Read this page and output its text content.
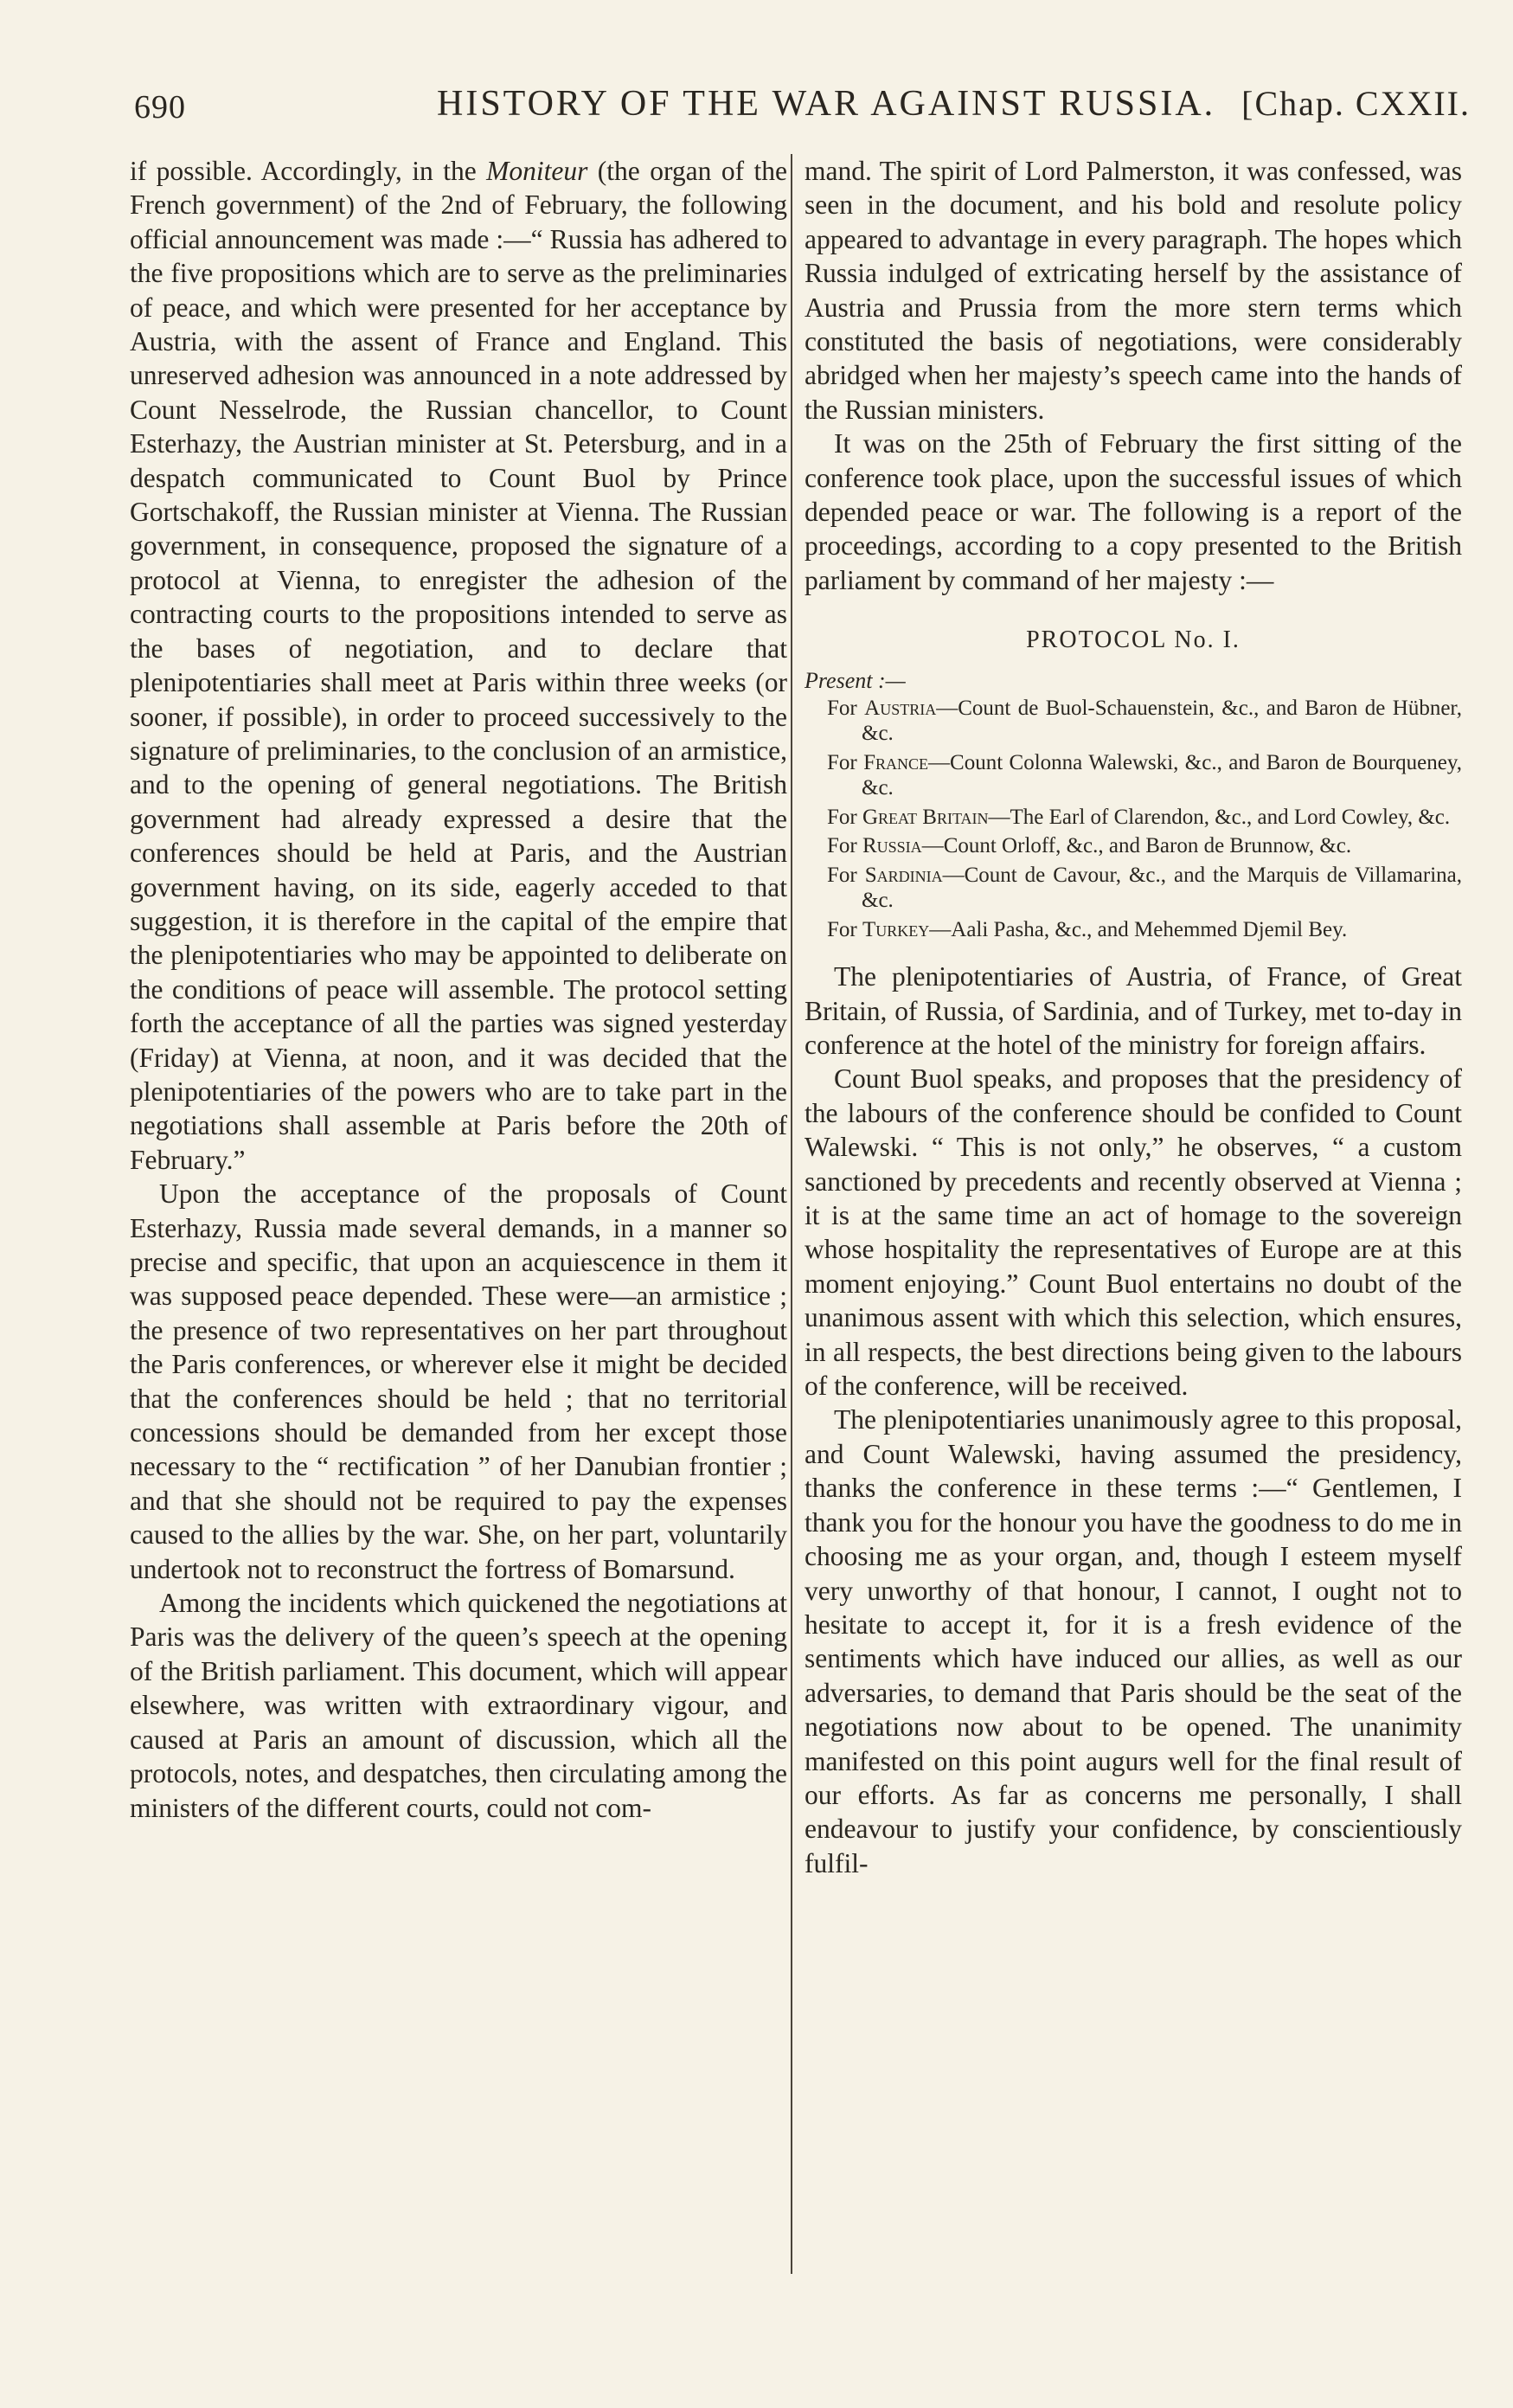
690	HISTORY OF THE WAR AGAINST RUSSIA. [Chap. CXXII.

if possible. Accordingly, in the Moniteur (the organ of the French government) of the 2nd of February, the following official announcement was made :—“ Russia has adhered to the five propositions which are to serve as the preliminaries of peace, and which were presented for her acceptance by Austria, with the assent of France and England. This unreserved adhesion was announced in a note addressed by Count Nesselrode, the Russian chancellor, to Count Esterhazy, the Austrian minister at St. Petersburg, and in a despatch communicated to Count Buol by Prince Gortschakoff, the Russian minister at Vienna. The Russian government, in consequence, proposed the signature of a protocol at Vienna, to enregister the adhesion of the contracting courts to the propositions intended to serve as the bases of negotiation, and to declare that plenipotentiaries shall meet at Paris within three weeks (or sooner, if possible), in order to proceed successively to the signature of preliminaries, to the conclusion of an armistice, and to the opening of general negotiations. The British government had already expressed a desire that the conferences should be held at Paris, and the Austrian government having, on its side, eagerly acceded to that suggestion, it is therefore in the capital of the empire that the plenipotentiaries who may be appointed to deliberate on the conditions of peace will assemble. The protocol setting forth the acceptance of all the parties was signed yesterday (Friday) at Vienna, at noon, and it was decided that the plenipotentiaries of the powers who are to take part in the negotiations shall assemble at Paris before the 20th of February.”

Upon the acceptance of the proposals of Count Esterhazy, Russia made several demands, in a manner so precise and specific, that upon an acquiescence in them it was supposed peace depended. These were—an armistice ; the presence of two representatives on her part throughout the Paris conferences, or wherever else it might be decided that the conferences should be held ; that no territorial concessions should be demanded from her except those necessary to the “ rectification ” of her Danubian frontier ; and that she should not be required to pay the expenses caused to the allies by the war. She, on her part, voluntarily undertook not to reconstruct the fortress of Bomarsund.

Among the incidents which quickened the negotiations at Paris was the delivery of the queen’s speech at the opening of the British parliament. This document, which will appear elsewhere, was written with extraordinary vigour, and caused at Paris an amount of discussion, which all the protocols, notes, and despatches, then circulating among the ministers of the different courts, could not com-

mand. The spirit of Lord Palmerston, it was confessed, was seen in the document, and his bold and resolute policy appeared to advantage in every paragraph. The hopes which Russia indulged of extricating herself by the assistance of Austria and Prussia from the more stern terms which constituted the basis of negotiations, were considerably abridged when her majesty’s speech came into the hands of the Russian ministers.

It was on the 25th of February the first sitting of the conference took place, upon the successful issues of which depended peace or war. The following is a report of the proceedings, according to a copy presented to the British parliament by command of her majesty :—

PROTOCOL No. I.
Present :—
For Austria—Count de Buol-Schauenstein, &c., and Baron de Hübner, &c.
For France—Count Colonna Walewski, &c., and Baron de Bourqueney, &c.
For Great Britain—The Earl of Clarendon, &c., and Lord Cowley, &c.
For Russia—Count Orloff, &c., and Baron de Brunnow, &c.
For Sardinia—Count de Cavour, &c., and the Marquis de Villamarina, &c.
For Turkey—Aali Pasha, &c., and Mehemmed Djemil Bey.

The plenipotentiaries of Austria, of France, of Great Britain, of Russia, of Sardinia, and of Turkey, met to-day in conference at the hotel of the ministry for foreign affairs.

Count Buol speaks, and proposes that the presidency of the labours of the conference should be confided to Count Walewski. “ This is not only,” he observes, “ a custom sanctioned by precedents and recently observed at Vienna ; it is at the same time an act of homage to the sovereign whose hospitality the representatives of Europe are at this moment enjoying.” Count Buol entertains no doubt of the unanimous assent with which this selection, which ensures, in all respects, the best directions being given to the labours of the conference, will be received.

The plenipotentiaries unanimously agree to this proposal, and Count Walewski, having assumed the presidency, thanks the conference in these terms :—“ Gentlemen, I thank you for the honour you have the goodness to do me in choosing me as your organ, and, though I esteem myself very unworthy of that honour, I cannot, I ought not to hesitate to accept it, for it is a fresh evidence of the sentiments which have induced our allies, as well as our adversaries, to demand that Paris should be the seat of the negotiations now about to be opened. The unanimity manifested on this point augurs well for the final result of our efforts. As far as concerns me personally, I shall endeavour to justify your confidence, by conscientiously fulfil-
